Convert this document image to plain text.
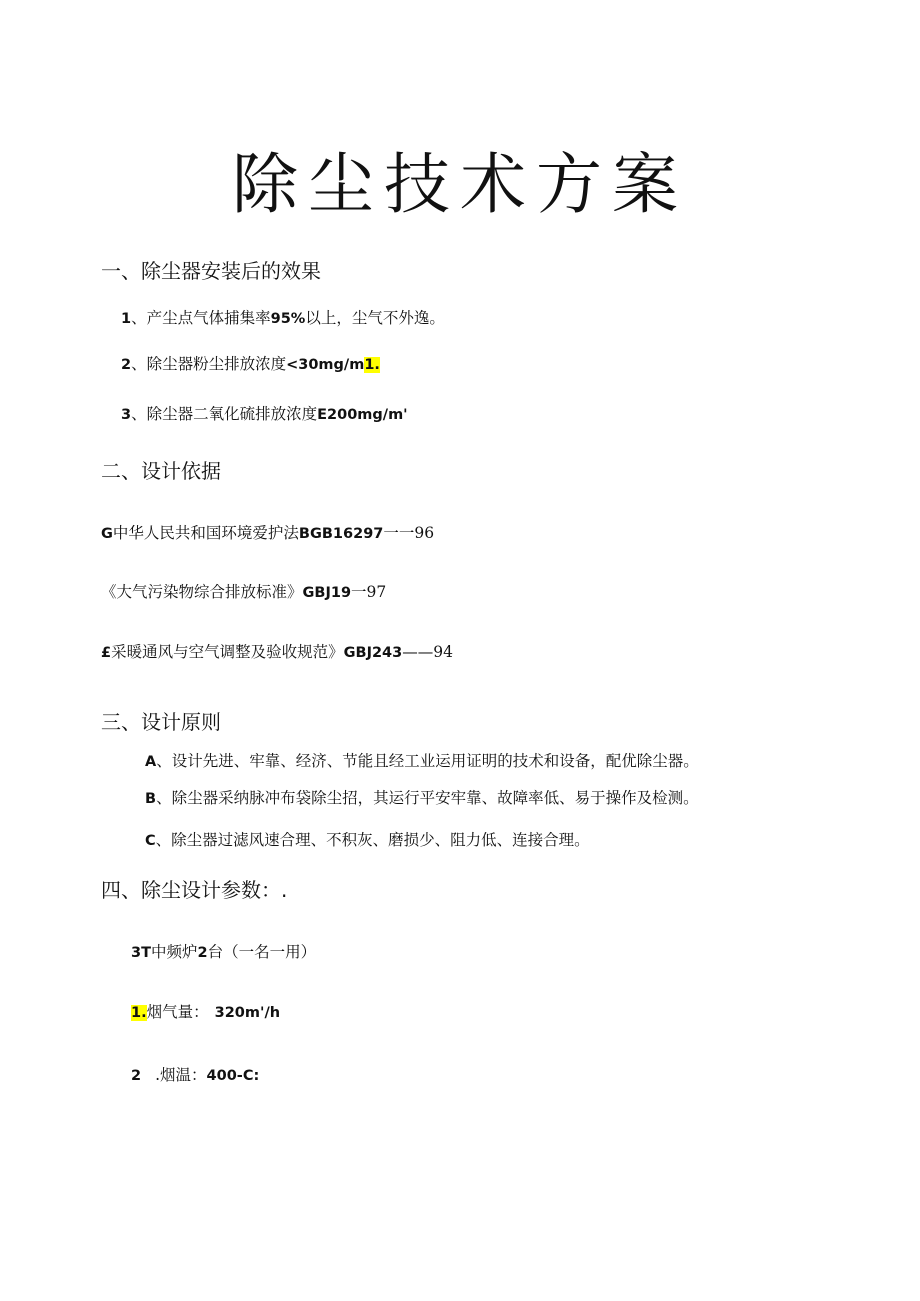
除尘技术方案
一、除尘器安装后的效果
1、产尘点气体捕集率95%以上，尘气不外逸。
2、除尘器粉尘排放浓度<30mg/m1.
3、除尘器二氧化硫排放浓度E200mg/m'
二、设计依据
G中华人民共和国环境爱护法BGB16297一一96
《大气污染物综合排放标准》GBJ19一97
£采暖通风与空气调整及验收规范》GBJ243——94
三、设计原则
A、设计先进、牢靠、经济、节能且经工业运用证明的技术和设备，配优除尘器。
B、除尘器采纳脉冲布袋除尘招，其运行平安牢靠、故障率低、易于操作及检测。
C、除尘器过滤风速合理、不积灰、磨损少、阻力低、连接合理。
四、除尘设计参数：.
3T中频炉2台（一名一用）
1.烟气量： 320m'/h
2 .烟温：400-C:
